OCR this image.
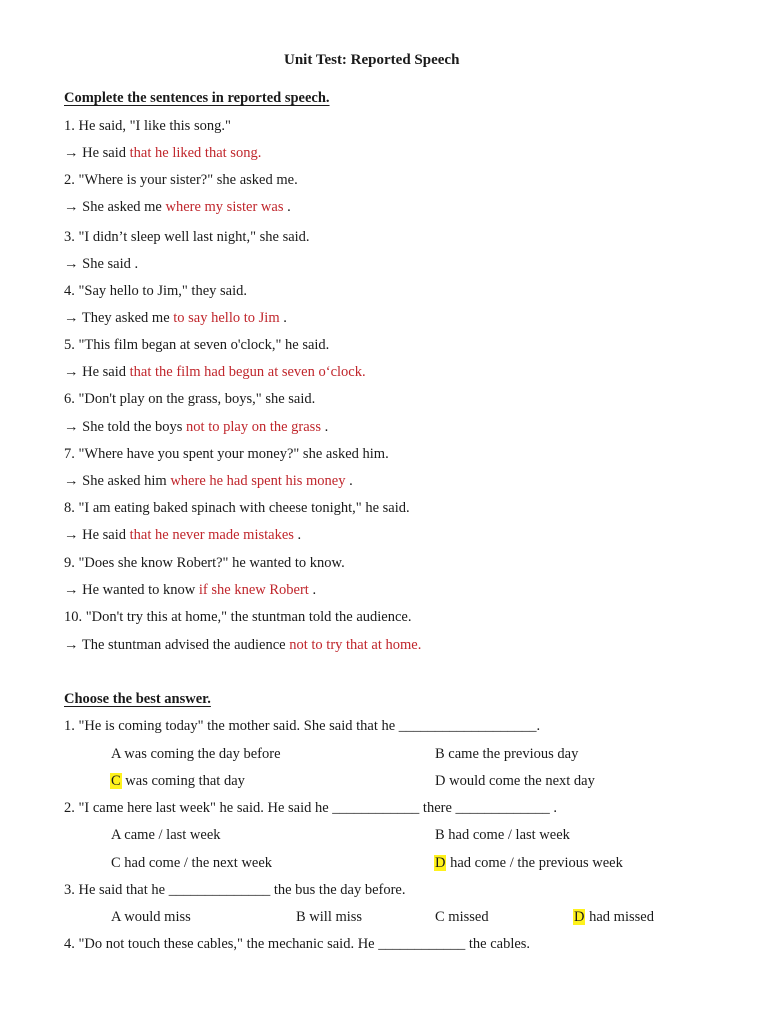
Unit Test: Reported Speech
Complete the sentences in reported speech.
1. He said, "I like this song."
→ He said that he liked that song.
2. "Where is your sister?" she asked me.
→ She asked me where my sister was .
3. "I didn’t sleep well last night," she said.
→ She said .
4. "Say hello to Jim," they said.
→ They asked me to say hello to Jim .
5. "This film began at seven o'clock," he said.
→ He said that the film had begun at seven o‘clock.
6. "Don't play on the grass, boys," she said.
→ She told the boys not to play on the grass .
7. "Where have you spent your money?" she asked him.
→ She asked him where he had spent his money .
8. "I am eating baked spinach with cheese tonight," he said.
→ He said that he never made mistakes .
9. "Does she know Robert?" he wanted to know.
→ He wanted to know if she knew Robert .
10. "Don't try this at home," the stuntman told the audience.
→ The stuntman advised the audience not to try that at home.
Choose the best answer.
1. "He is coming today" the mother said. She said that he ___________________.
A was coming the day before	B came the previous day
C was coming that day	D would come the next day
2. "I came here last week" he said. He said he ____________ there _____________ .
A came / last week	B had come / last week
C had come / the next week	D had come / the previous week
3. He said that he ______________ the bus the day before.
A would miss	B will miss	C missed	D had missed
4. "Do not touch these cables," the mechanic said. He ____________ the cables.
